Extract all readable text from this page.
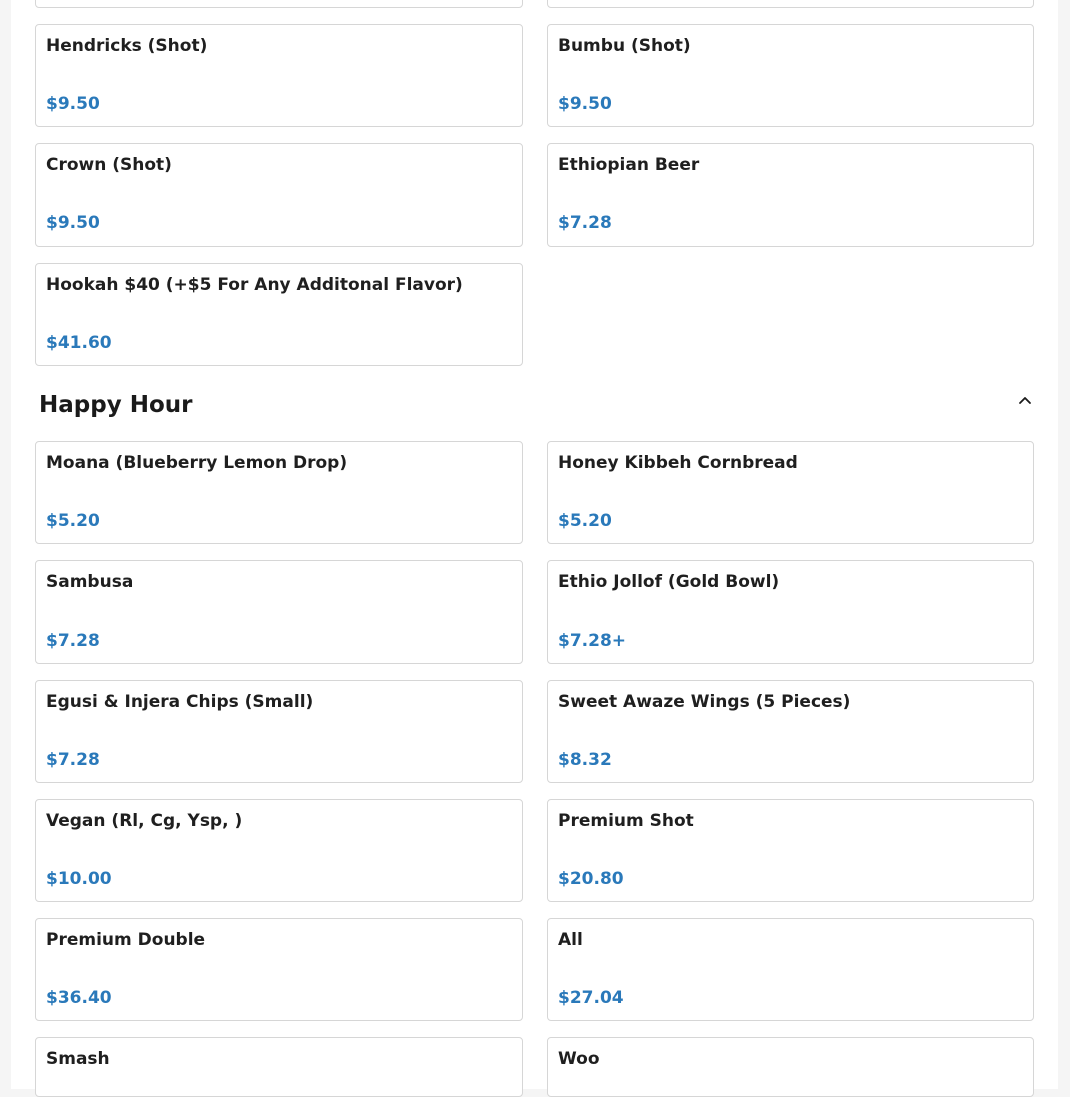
Hendricks (Shot)
$9.50
Bumbu (Shot)
$9.50
Crown (Shot)
$9.50
Ethiopian Beer
$7.28
Hookah $40 (+$5 For Any Additonal Flavor)
$41.60
Happy Hour
Moana (Blueberry Lemon Drop)
$5.20
Honey Kibbeh Cornbread
$5.20
Sambusa
$7.28
Ethio Jollof (Gold Bowl)
$7.28+
Egusi & Injera Chips (Small)
$7.28
Sweet Awaze Wings (5 Pieces)
$8.32
Vegan (Rl, Cg, Ysp, )
$10.00
Premium Shot
$20.80
Premium Double
$36.40
All
$27.04
Smash	Woo
